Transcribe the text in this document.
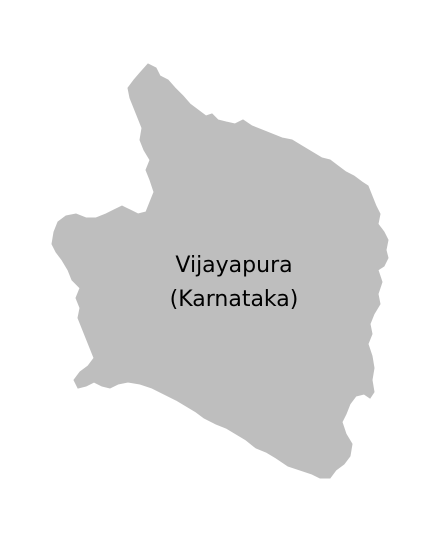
Vijayapura
(Karnataka)
